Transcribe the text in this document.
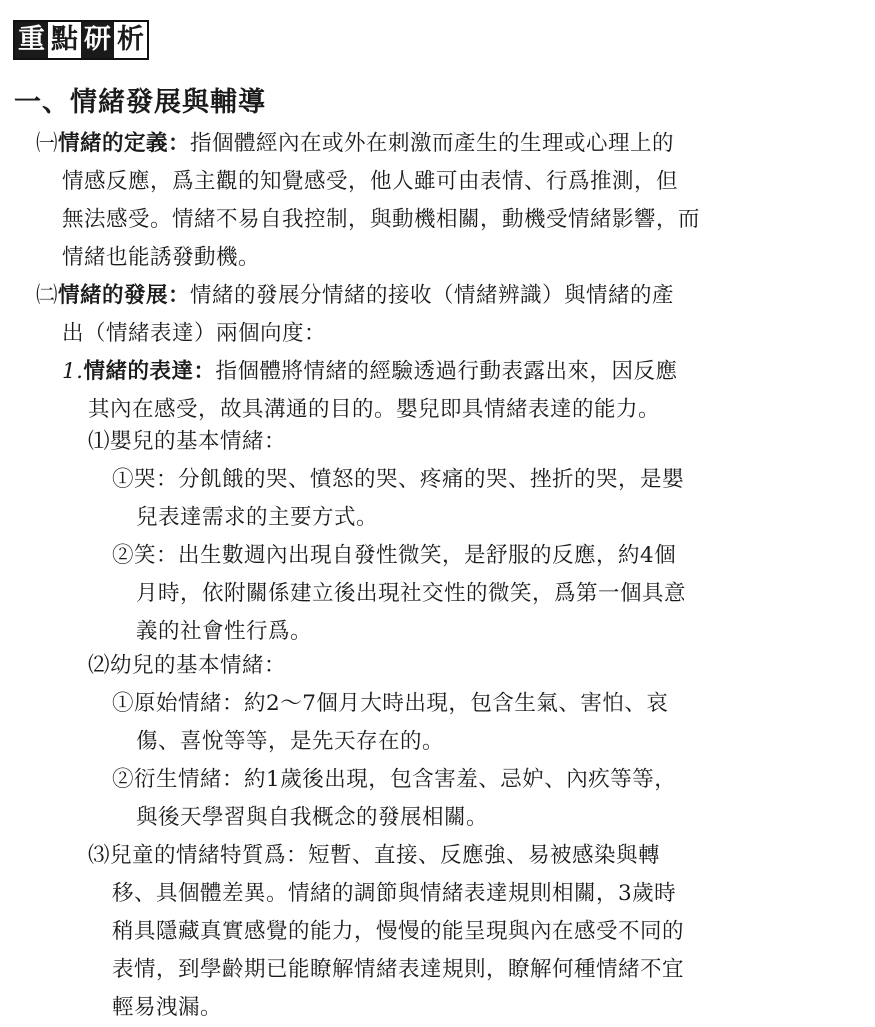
重 點 研 析
一、情緒發展與輔導
㈠情緒的定義：指個體經內在或外在刺激而產生的生理或心理上的
情感反應，爲主觀的知覺感受，他人雖可由表情、行爲推測，但
無法感受。情緒不易自我控制，與動機相關，動機受情緒影響，而
情緒也能誘發動機。
㈡情緒的發展：情緒的發展分情緒的接收（情緒辨識）與情緒的產
出（情緒表達）兩個向度：
1.情緒的表達：指個體將情緒的經驗透過行動表露出來，因反應
其內在感受，故具溝通的目的。嬰兒即具情緒表達的能力。
⑴嬰兒的基本情緒：
①哭：分飢餓的哭、憤怒的哭、疼痛的哭、挫折的哭，是嬰
兒表達需求的主要方式。
②笑：出生數週內出現自發性微笑，是舒服的反應，約4個
月時，依附關係建立後出現社交性的微笑，爲第一個具意
義的社會性行爲。
⑵幼兒的基本情緒：
①原始情緒：約2～7個月大時出現，包含生氣、害怕、哀
傷、喜悅等等，是先天存在的。
②衍生情緒：約1歲後出現，包含害羞、忌妒、內疚等等，
與後天學習與自我概念的發展相關。
⑶兒童的情緒特質爲：短暫、直接、反應強、易被感染與轉
移、具個體差異。情緒的調節與情緒表達規則相關，3歲時
稍具隱藏真實感覺的能力，慢慢的能呈現與內在感受不同的
表情，到學齡期已能瞭解情緒表達規則，瞭解何種情緒不宜
輕易洩漏。
